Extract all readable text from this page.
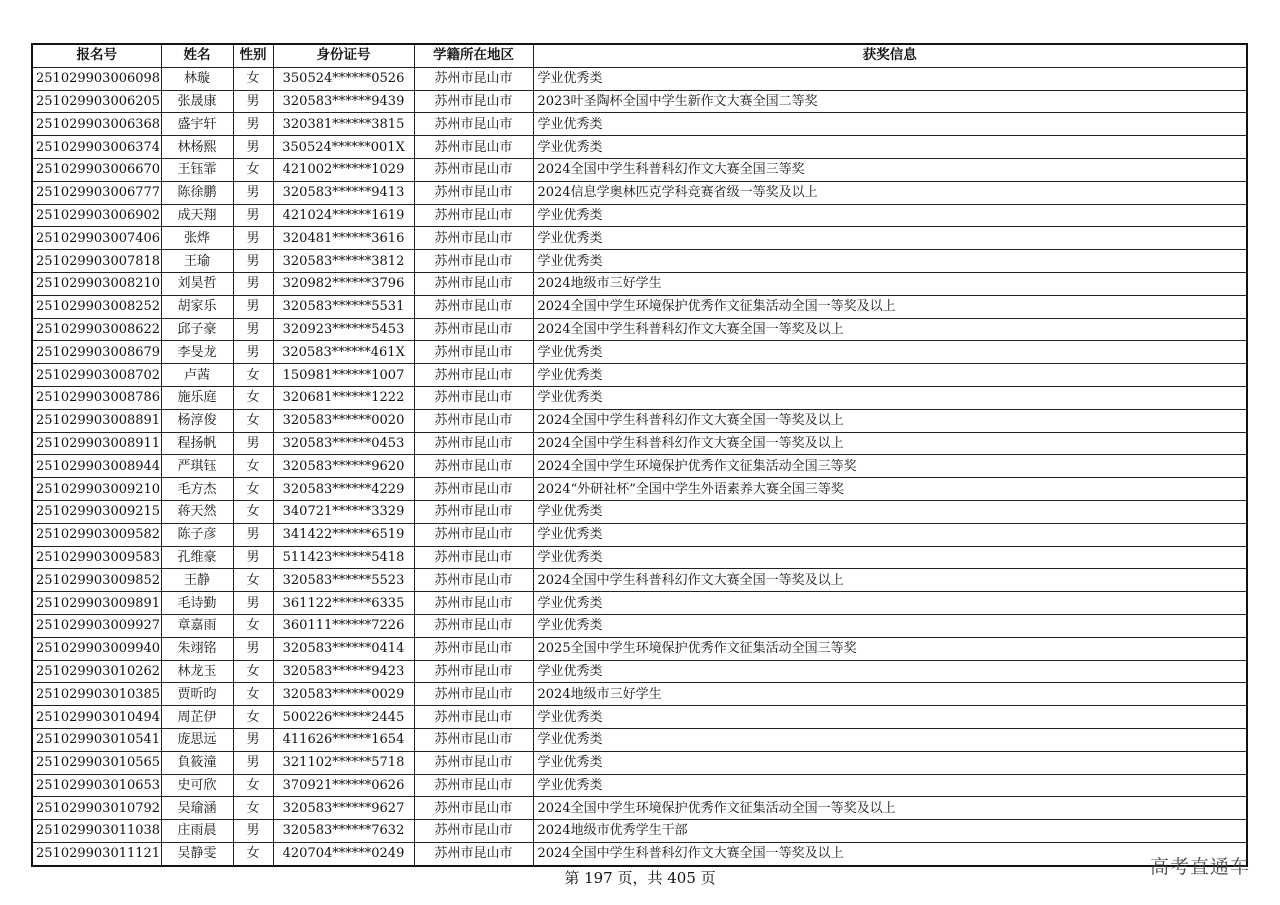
报名号	姓名	性别	身份证号	学籍所在地区	获奖信息
251029903006098	林璇	女	350524******0526	苏州市昆山市	学业优秀类
251029903006205	张晟康	男	320583******9439	苏州市昆山市	2023叶圣陶杯全国中学生新作文大赛全国二等奖
251029903006368	盛宇轩	男	320381******3815	苏州市昆山市	学业优秀类
251029903006374	林杨熙	男	350524******001X	苏州市昆山市	学业优秀类
251029903006670	王钰霏	女	421002******1029	苏州市昆山市	2024全国中学生科普科幻作文大赛全国三等奖
251029903006777	陈徐鹏	男	320583******9413	苏州市昆山市	2024信息学奥林匹克学科竞赛省级一等奖及以上
251029903006902	成天翔	男	421024******1619	苏州市昆山市	学业优秀类
251029903007406	张烨	男	320481******3616	苏州市昆山市	学业优秀类
251029903007818	王瑜	男	320583******3812	苏州市昆山市	学业优秀类
251029903008210	刘昊哲	男	320982******3796	苏州市昆山市	2024地级市三好学生
251029903008252	胡家乐	男	320583******5531	苏州市昆山市	2024全国中学生环境保护优秀作文征集活动全国一等奖及以上
251029903008622	邱子豪	男	320923******5453	苏州市昆山市	2024全国中学生科普科幻作文大赛全国一等奖及以上
251029903008679	李旻龙	男	320583******461X	苏州市昆山市	学业优秀类
251029903008702	卢茜	女	150981******1007	苏州市昆山市	学业优秀类
251029903008786	施乐庭	女	320681******1222	苏州市昆山市	学业优秀类
251029903008891	杨淳俊	女	320583******0020	苏州市昆山市	2024全国中学生科普科幻作文大赛全国一等奖及以上
251029903008911	程扬帆	男	320583******0453	苏州市昆山市	2024全国中学生科普科幻作文大赛全国一等奖及以上
251029903008944	严琪钰	女	320583******9620	苏州市昆山市	2024全国中学生环境保护优秀作文征集活动全国三等奖
251029903009210	毛方杰	女	320583******4229	苏州市昆山市	2024“外研社杯”全国中学生外语素养大赛全国三等奖
251029903009215	蒋天然	女	340721******3329	苏州市昆山市	学业优秀类
251029903009582	陈子彦	男	341422******6519	苏州市昆山市	学业优秀类
251029903009583	孔维豪	男	511423******5418	苏州市昆山市	学业优秀类
251029903009852	王静	女	320583******5523	苏州市昆山市	2024全国中学生科普科幻作文大赛全国一等奖及以上
251029903009891	毛诗勤	男	361122******6335	苏州市昆山市	学业优秀类
251029903009927	章嘉雨	女	360111******7226	苏州市昆山市	学业优秀类
251029903009940	朱翊铭	男	320583******0414	苏州市昆山市	2025全国中学生环境保护优秀作文征集活动全国三等奖
251029903010262	林龙玉	女	320583******9423	苏州市昆山市	学业优秀类
251029903010385	贾昕昀	女	320583******0029	苏州市昆山市	2024地级市三好学生
251029903010494	周芷伊	女	500226******2445	苏州市昆山市	学业优秀类
251029903010541	庞思远	男	411626******1654	苏州市昆山市	学业优秀类
251029903010565	負筱潼	男	321102******5718	苏州市昆山市	学业优秀类
251029903010653	史可欣	女	370921******0626	苏州市昆山市	学业优秀类
251029903010792	吴瑜涵	女	320583******9627	苏州市昆山市	2024全国中学生环境保护优秀作文征集活动全国一等奖及以上
251029903011038	庄雨晨	男	320583******7632	苏州市昆山市	2024地级市优秀学生干部
251029903011121	吴静雯	女	420704******0249	苏州市昆山市	2024全国中学生科普科幻作文大赛全国一等奖及以上
第 197 页，共 405 页	高考直通车
